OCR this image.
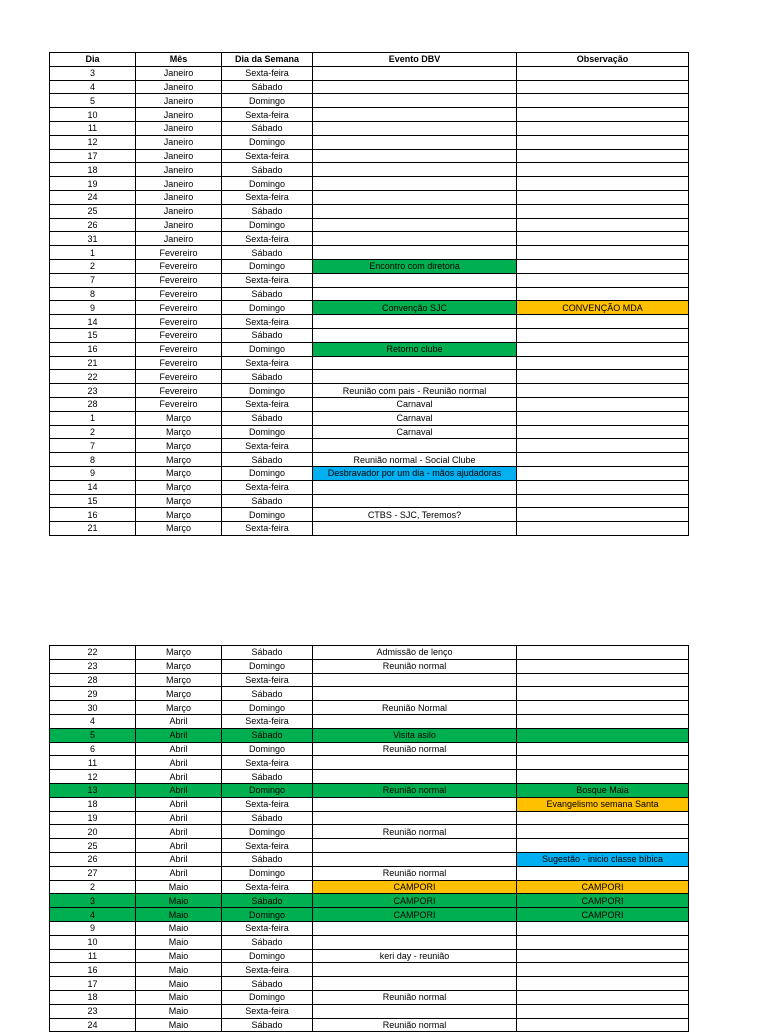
Dia	Mês	Dia da Semana	Evento DBV	Observação
3	Janeiro	Sexta-feira		
4	Janeiro	Sábado		
5	Janeiro	Domingo		
10	Janeiro	Sexta-feira		
11	Janeiro	Sábado		
12	Janeiro	Domingo		
17	Janeiro	Sexta-feira		
18	Janeiro	Sábado		
19	Janeiro	Domingo		
24	Janeiro	Sexta-feira		
25	Janeiro	Sábado		
26	Janeiro	Domingo		
31	Janeiro	Sexta-feira		
1	Fevereiro	Sábado		
2	Fevereiro	Domingo	Encontro com diretoria	
7	Fevereiro	Sexta-feira		
8	Fevereiro	Sábado		
9	Fevereiro	Domingo	Convenção SJC	CONVENÇÃO MDA
14	Fevereiro	Sexta-feira		
15	Fevereiro	Sábado		
16	Fevereiro	Domingo	Retorno clube	
21	Fevereiro	Sexta-feira		
22	Fevereiro	Sábado		
23	Fevereiro	Domingo	Reunião com pais - Reunião normal	
28	Fevereiro	Sexta-feira	Carnaval	
1	Março	Sábado	Carnaval	
2	Março	Domingo	Carnaval	
7	Março	Sexta-feira		
8	Março	Sábado	Reunião normal - Social Clube	
9	Março	Domingo	Desbravador por um dia - mãos ajudadoras	
14	Março	Sexta-feira		
15	Março	Sábado		
16	Março	Domingo	CTBS - SJC, Teremos?	
21	Março	Sexta-feira		
22	Março	Sábado	Admissão de lenço	
23	Março	Domingo	Reunião normal	
28	Março	Sexta-feira		
29	Março	Sábado		
30	Março	Domingo	Reunião Normal	
4	Abril	Sexta-feira		
5	Abril	Sábado	Visita asilo	
6	Abril	Domingo	Reunião normal	
11	Abril	Sexta-feira		
12	Abril	Sábado		
13	Abril	Domingo	Reunião normal	Bosque Maia
18	Abril	Sexta-feira		Evangelismo semana Santa
19	Abril	Sábado		
20	Abril	Domingo	Reunião normal	
25	Abril	Sexta-feira		
26	Abril	Sábado		Sugestão - inicio classe bíbica
27	Abril	Domingo	Reunião normal	
2	Maio	Sexta-feira	CAMPORI	CAMPORI
3	Maio	Sábado	CAMPORI	CAMPORI
4	Maio	Domingo	CAMPORI	CAMPORI
9	Maio	Sexta-feira		
10	Maio	Sábado		
11	Maio	Domingo	keri day - reunião	
16	Maio	Sexta-feira		
17	Maio	Sábado		
18	Maio	Domingo	Reunião normal	
23	Maio	Sexta-feira		
24	Maio	Sábado	Reunião normal	
